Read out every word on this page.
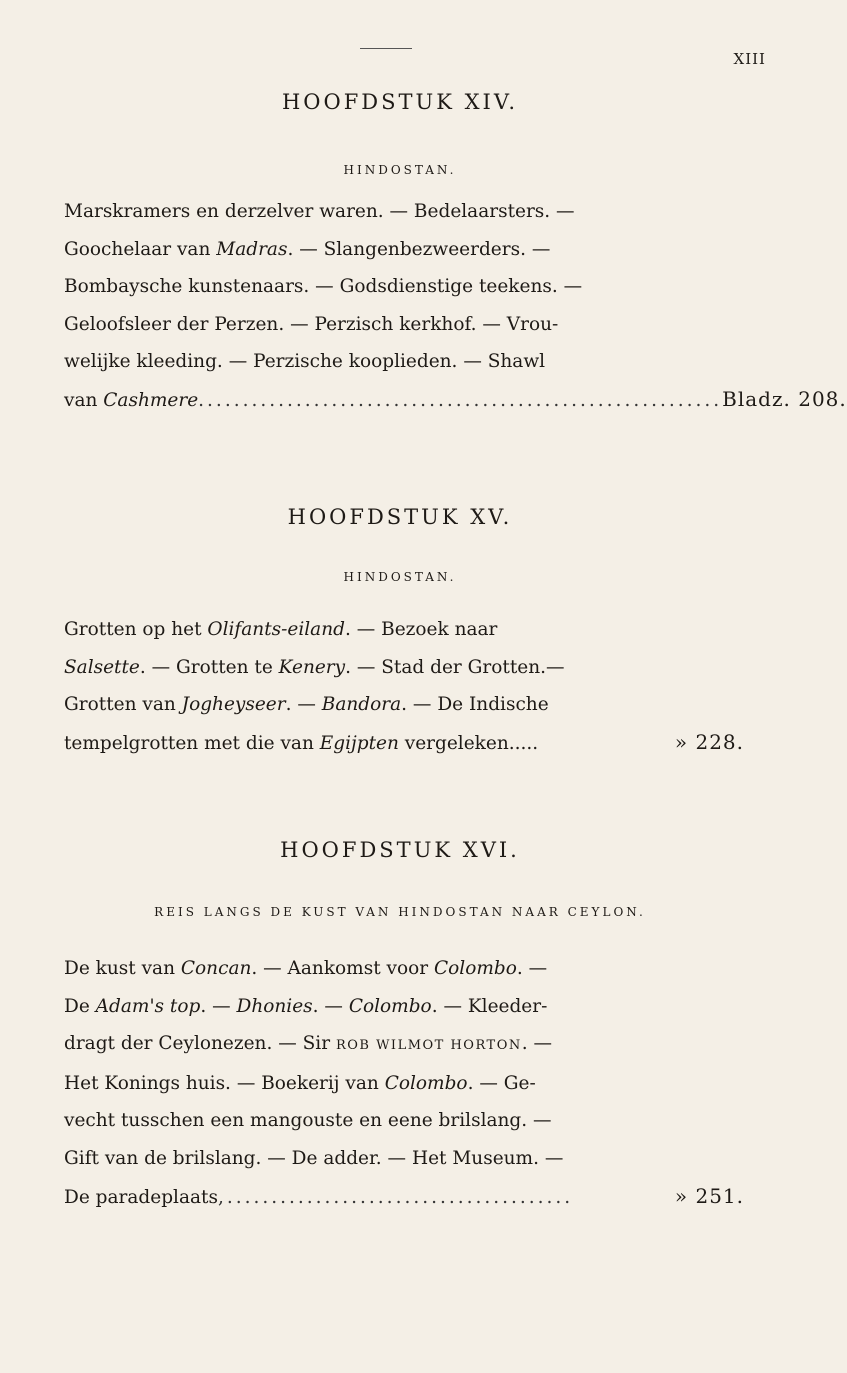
XIII
HOOFDSTUK XIV.
HINDOSTAN.
Marskramers en derzelver waren. — Bedelaarsters. —
Goochelaar van Madras. — Slangenbezweerders. —
Bombaysche kunstenaars. — Godsdienstige teekens. —
Geloofsleer der Perzen. — Perzisch kerkhof. — Vrou-
welijke kleeding. — Perzische kooplieden. — Shawl
van Cashmere ........................................................... Bladz. 208.
HOOFDSTUK XV.
HINDOSTAN.
Grotten op het Olifants-eiland. — Bezoek naar
Salsette. — Grotten te Kenery. — Stad der Grotten.—
Grotten van Jogheyseer. — Bandora. — De Indische
tempelgrotten met die van Egijpten vergeleken.....	» 228.
HOOFDSTUK XVI.
REIS LANGS DE KUST VAN HINDOSTAN NAAR CEYLON.
De kust van Concan. — Aankomst voor Colombo. —
De Adam's top. — Dhonies. — Colombo. — Kleeder-
dragt der Ceylonezen. — Sir ROB WILMOT HORTON. —
Het Konings huis. — Boekerij van Colombo. — Ge-
vecht tusschen een mangouste en eene brilslang. —
Gift van de brilslang. — De adder. — Het Museum. —
De paradeplaats ,.......................................	» 251.
